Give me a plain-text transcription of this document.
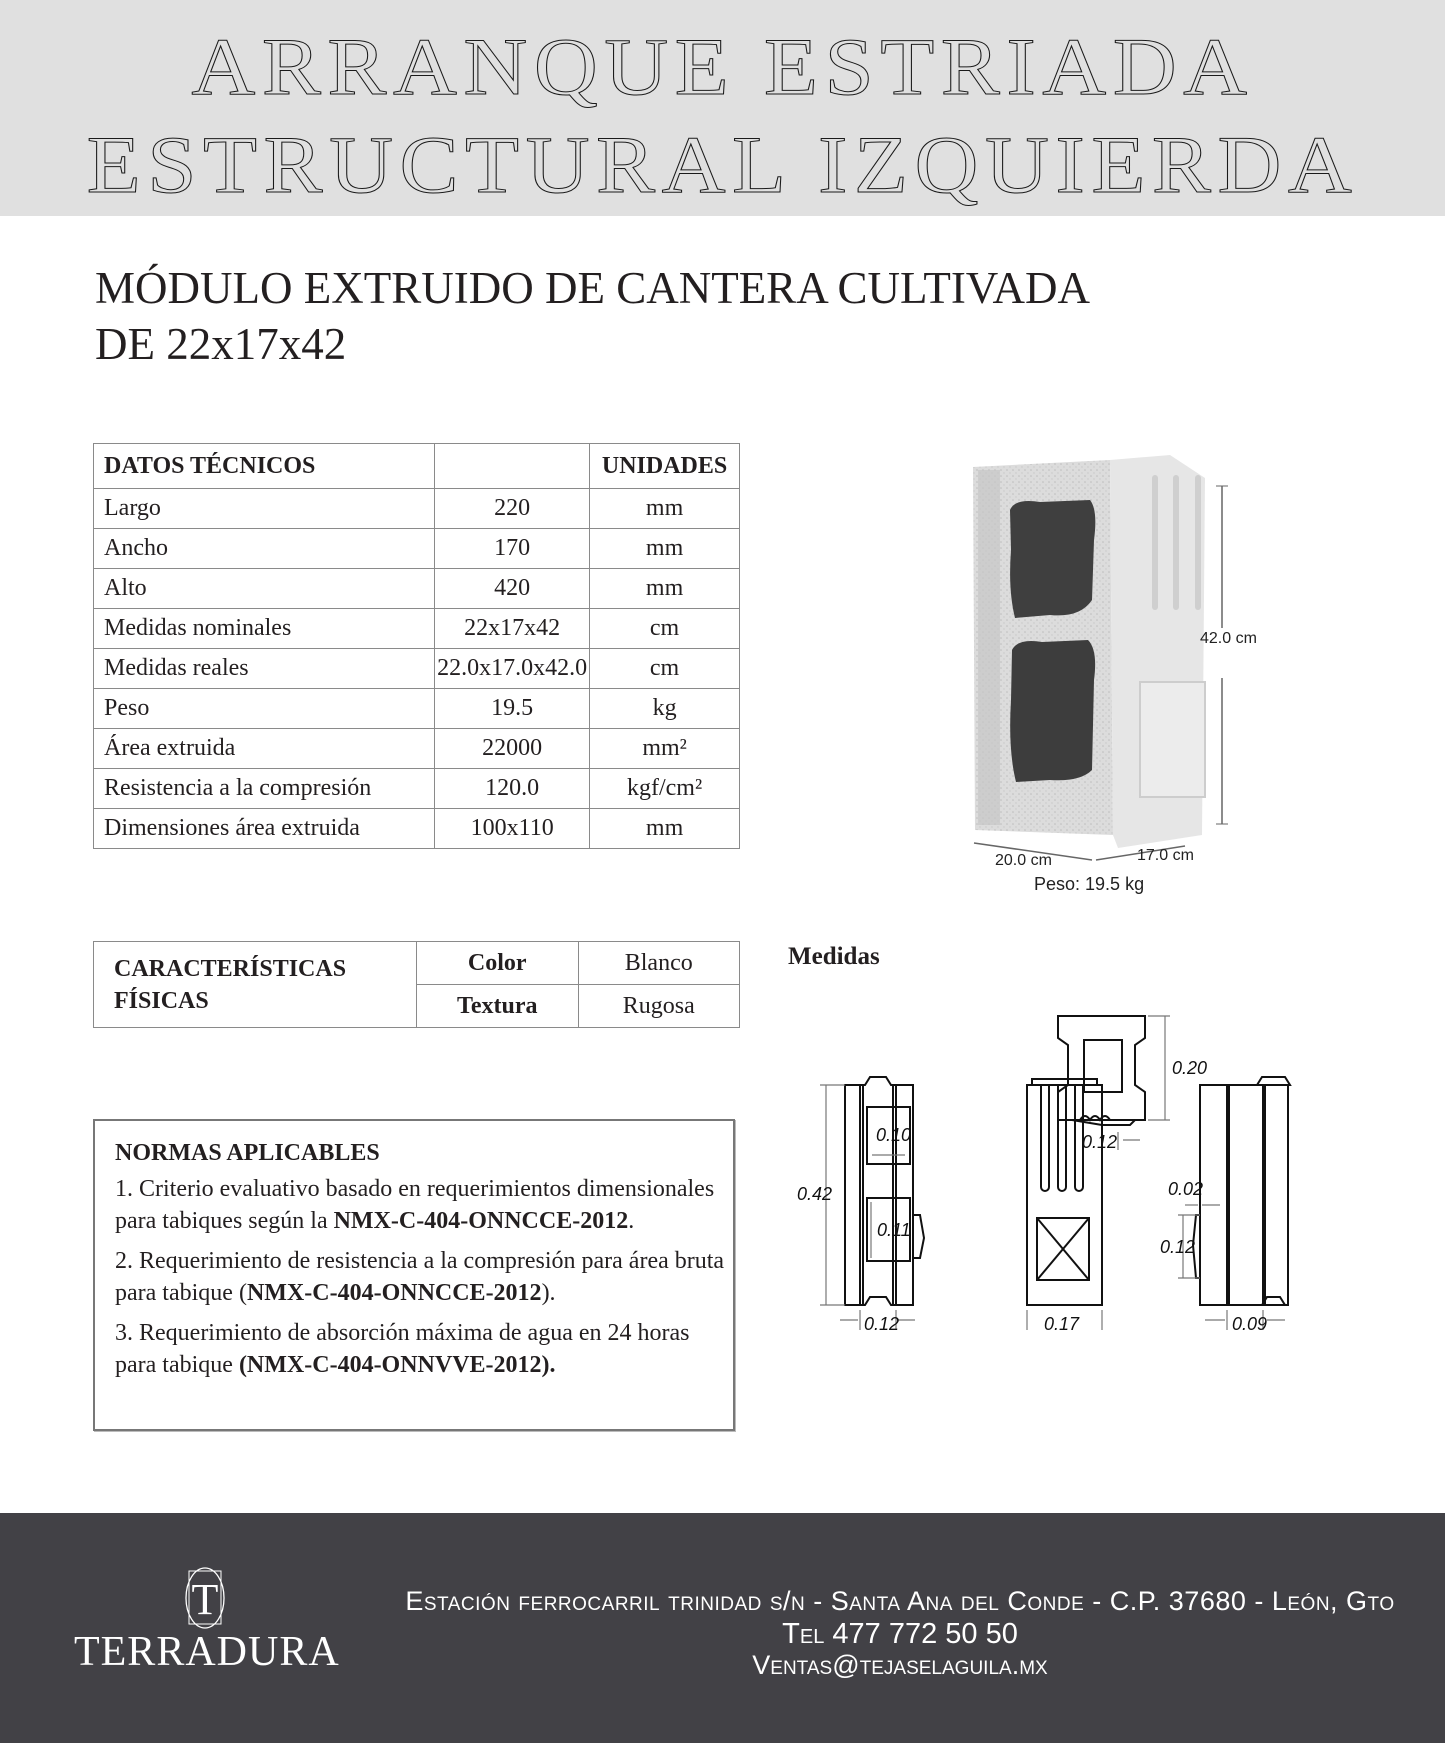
ARRANQUE ESTRIADA
ESTRUCTURAL IZQUIERDA
MÓDULO EXTRUIDO DE CANTERA CULTIVADA
DE 22x17x42
DATOS TÉCNICOS		UNIDADES
Largo	220	mm
Ancho	170	mm
Alto	420	mm
Medidas nominales	22x17x42	cm
Medidas reales	22.0x17.0x42.0	cm
Peso	19.5	kg
Área extruida	22000	mm²
Resistencia a la compresión	120.0	kgf/cm²
Dimensiones área extruida	100x110	mm
42.0 cm
20.0 cm	17.0 cm
Peso: 19.5 kg
CARACTERÍSTICAS
FÍSICAS	Color	Blanco
	Textura	Rugosa
NORMAS APLICABLES

1. Criterio evaluativo basado en requerimientos dimensionales para tabiques según la NMX-C-404-ONNCCE-2012.

2. Requerimiento de resistencia a la compresión para área bruta para tabique (NMX-C-404-ONNCCE-2012).

3. Requerimiento de absorción máxima de agua en 24 horas para tabique (NMX-C-404-ONNVVE-2012).

Medidas
0.20
0.12
0.42
0.10
0.11
0.12	0.17
0.02
0.12
0.09
T
TERRADURA
Estación ferrocarril trinidad s/n - Santa Ana del Conde - C.P. 37680 - León, Gto
Tel 477 772 50 50
Ventas@tejaselaguila.mx
